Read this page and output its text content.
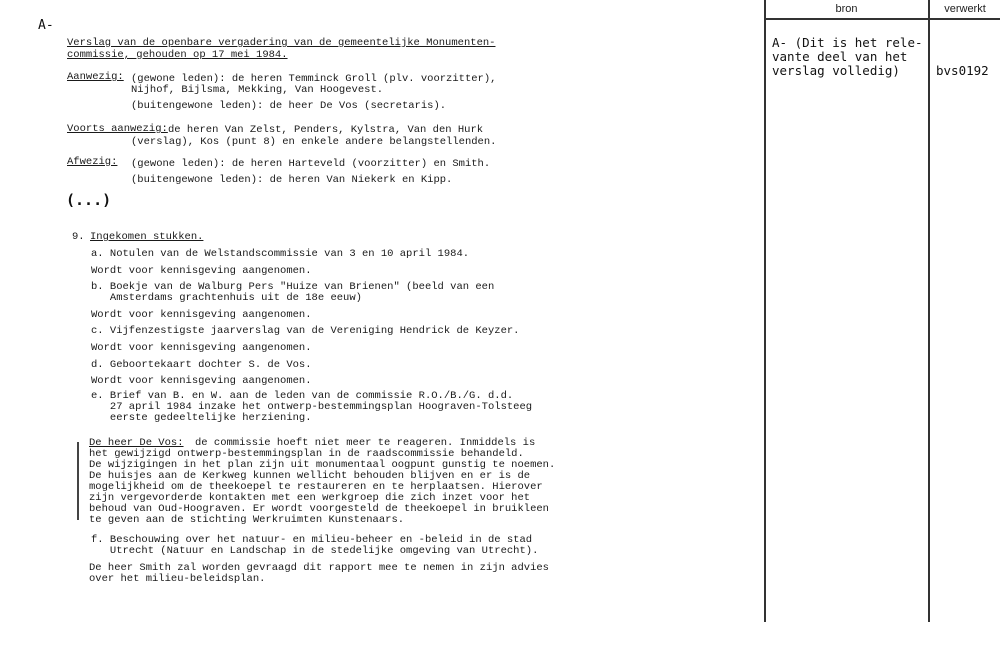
A-
Verslag van de openbare vergadering van de gemeentelijke Monumenten-
commissie, gehouden op 17 mei 1984.
Aanwezig: (gewone leden): de heren Temminck Groll (plv. voorzitter),
Nijhof, Bijlsma, Mekking, Van Hoogevest.
(buitengewone leden): de heer De Vos (secretaris).
Voorts aanwezig: de heren Van Zelst, Penders, Kylstra, Van den Hurk
(verslag), Kos (punt 8) en enkele andere belangstellenden.
Afwezig: (gewone leden): de heren Harteveld (voorzitter) en Smith.
(buitengewone leden): de heren Van Niekerk en Kipp.
(...)
9. Ingekomen stukken.
a. Notulen van de Welstandscommissie van 3 en 10 april 1984.
Wordt voor kennisgeving aangenomen.
b. Boekje van de Walburg Pers "Huize van Brienen" (beeld van een
Amsterdams grachtenhuis uit de 18e eeuw)
Wordt voor kennisgeving aangenomen.
c. Vijfenzestigste jaarverslag van de Vereniging Hendrick de Keyzer.
Wordt voor kennisgeving aangenomen.
d. Geboortekaart dochter S. de Vos.
Wordt voor kennisgeving aangenomen.
e. Brief van B. en W. aan de leden van de commissie R.O./B./G. d.d.
27 april 1984 inzake het ontwerp-bestemmingsplan Hoograven-Tolsteeg
eerste gedeeltelijke herziening.
De heer De Vos: de commissie hoeft niet meer te reageren. Inmiddels is
het gewijzigd ontwerp-bestemmingsplan in de raadscommissie behandeld.
De wijzigingen in het plan zijn uit monumentaal oogpunt gunstig te noemen.
De huisjes aan de Kerkweg kunnen wellicht behouden blijven en er is de
mogelijkheid om de theekoepel te restaureren en te herplaatsen. Hierover
zijn vergevorderde kontakten met een werkgroep die zich inzet voor het
behoud van Oud-Hoograven. Er wordt voorgesteld de theekoepel in bruikleen
te geven aan de stichting Werkruimten Kunstenaars.
f. Beschouwing over het natuur- en milieu-beheer en -beleid in de stad
Utrecht (Natuur en Landschap in de stedelijke omgeving van Utrecht).
De heer Smith zal worden gevraagd dit rapport mee te nemen in zijn advies
over het milieu-beleidsplan.
bron	verwerkt
A- (Dit is het rele-
vante deel van het
verslag volledig)	bvs0192
